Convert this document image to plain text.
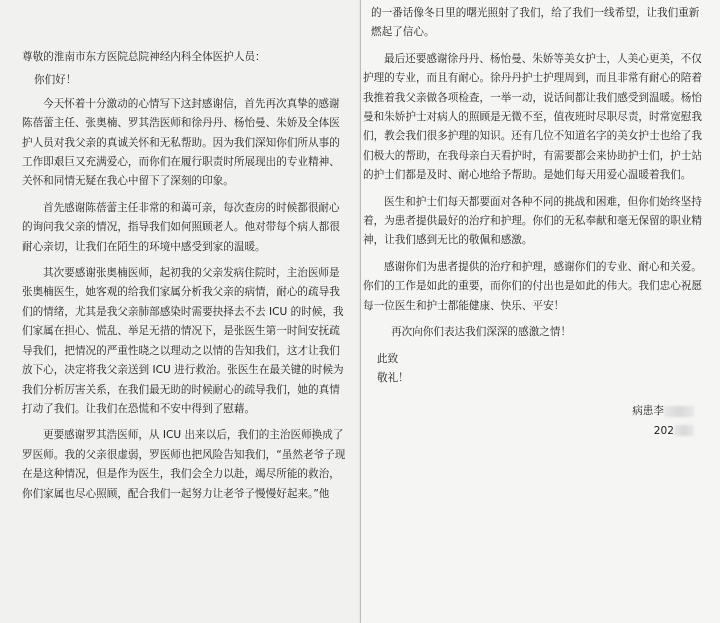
尊敬的淮南市东方医院总院神经内科全体医护人员：

你们好！

今天怀着十分激动的心情写下这封感谢信，首先再次真挚的感谢陈蓓蕾主任、张奥楠、罗其浩医师和徐丹丹、杨怡曼、朱娇及全体医护人员对我父亲的真诚关怀和无私帮助。因为我们深知你们所从事的工作即艰巨又充满爱心，而你们在履行职责时所展现出的专业精神、关怀和同情无疑在我心中留下了深刻的印象。

首先感谢陈蓓蕾主任非常的和蔼可亲，每次查房的时候都很耐心的询问我父亲的情况，指导我们如何照顾老人。他对带每个病人都很耐心亲切，让我们在陌生的环境中感受到家的温暖。

其次要感谢张奥楠医师，起初我的父亲发病住院时，主治医师是张奥楠医生，她客观的给我们家属分析我父亲的病情，耐心的疏导我们的情绪，尤其是我父亲肺部感染时需要抉择去不去 ICU 的时候，我们家属在担心、慌乱、举足无措的情况下，是张医生第一时间安抚疏导我们，把情况的严重性晓之以理动之以情的告知我们，这才让我们放下心，决定将我父亲送到 ICU 进行救治。张医生在最关键的时候为我们分析厉害关系，在我们最无助的时候耐心的疏导我们，她的真情打动了我们。让我们在恐慌和不安中得到了慰藉。

更要感谢罗其浩医师，从 ICU 出来以后，我们的主治医师换成了罗医师。我的父亲很虚弱，罗医师也把风险告知我们，“虽然老爷子现在是这种情况，但是作为医生，我们会全力以赴，竭尽所能的救治，你们家属也尽心照顾，配合我们一起努力让老爷子慢慢好起来。”他

的一番话像冬日里的曙光照射了我们，给了我们一线希望，让我们重新燃起了信心。

最后还要感谢徐丹丹、杨怡曼、朱娇等美女护士，人美心更美，不仅护理的专业，而且有耐心。徐丹丹护士护理周到，而且非常有耐心的陪着我推着我父亲做各项检查，一举一动，说话间都让我们感受到温暖。杨怡曼和朱娇护士对病人的照顾是无微不至，值夜班时尽职尽责，时常宽慰我们，教会我们很多护理的知识。还有几位不知道名字的美女护士也给了我们极大的帮助，在我母亲白天看护时，有需要都会来协助护士们，护士站的护士们都是及时、耐心地给予帮助。是她们每天用爱心温暖着我们。

医生和护士们每天都要面对各种不同的挑战和困难，但你们始终坚持着，为患者提供最好的治疗和护理。你们的无私奉献和毫无保留的职业精神，让我们感到无比的敬佩和感激。

感谢你们为患者提供的治疗和护理，感谢你们的专业、耐心和关爱。你们的工作是如此的重要，而你们的付出也是如此的伟大。我们忠心祝愿每一位医生和护士都能健康、快乐、平安！

再次向你们表达我们深深的感激之情！

此致

敬礼！

病患李

202
